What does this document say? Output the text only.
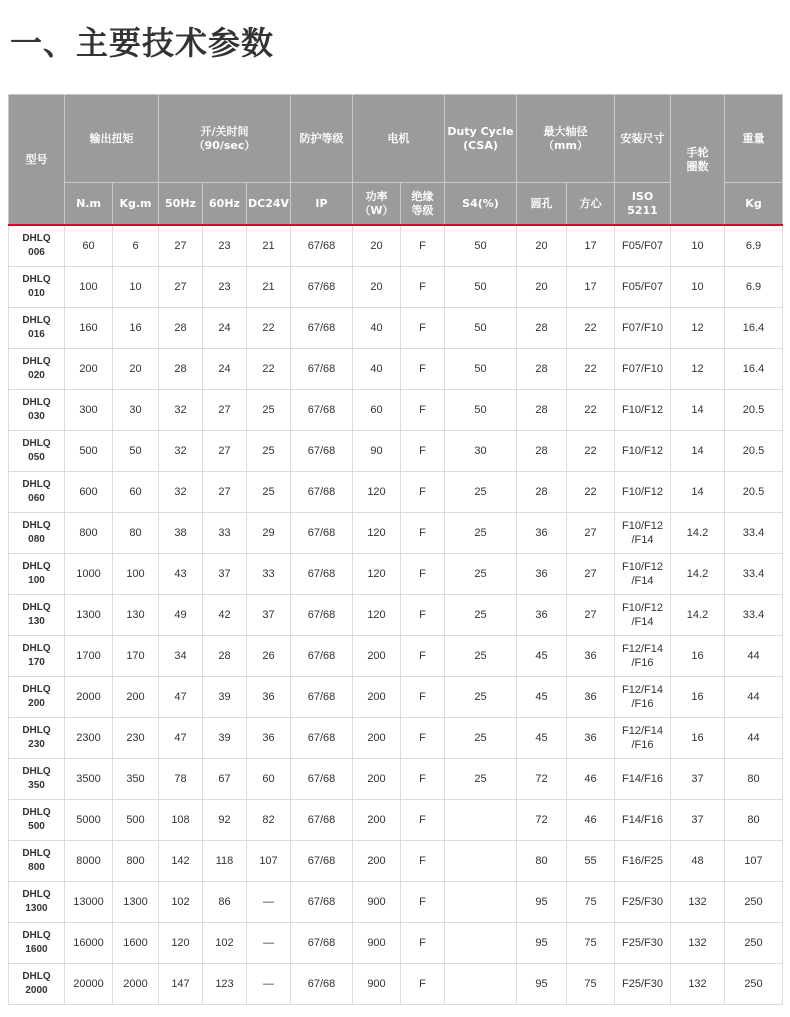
一、主要技术参数
型号	输出扭矩		开/关时间
（90/sec）			防护等级	电机		Duty Cycle
(CSA)	最大轴径
（mm）		安装尺寸	手轮
圈数	重量

	N.m	Kg.m	50Hz	60Hz	DC24V	IP	功率
（W）	绝缘
等级	S4(%)	圆孔	方心	ISO
5211		Kg

DHLQ
006	60	6	27	23	21	67/68	20	F	50	20	17	F05/F07	10	6.9

DHLQ
010	100	10	27	23	21	67/68	20	F	50	20	17	F05/F07	10	6.9

DHLQ
016	160	16	28	24	22	67/68	40	F	50	28	22	F07/F10	12	16.4

DHLQ
020	200	20	28	24	22	67/68	40	F	50	28	22	F07/F10	12	16.4

DHLQ
030	300	30	32	27	25	67/68	60	F	50	28	22	F10/F12	14	20.5

DHLQ
050	500	50	32	27	25	67/68	90	F	30	28	22	F10/F12	14	20.5

DHLQ
060	600	60	32	27	25	67/68	120	F	25	28	22	F10/F12	14	20.5

DHLQ
080	800	80	38	33	29	67/68	120	F	25	36	27	F10/F12
/F14	14.2	33.4

DHLQ
100	1000	100	43	37	33	67/68	120	F	25	36	27	F10/F12
/F14	14.2	33.4

DHLQ
130	1300	130	49	42	37	67/68	120	F	25	36	27	F10/F12
/F14	14.2	33.4

DHLQ
170	1700	170	34	28	26	67/68	200	F	25	45	36	F12/F14
/F16	16	44

DHLQ
200	2000	200	47	39	36	67/68	200	F	25	45	36	F12/F14
/F16	16	44

DHLQ
230	2300	230	47	39	36	67/68	200	F	25	45	36	F12/F14
/F16	16	44

DHLQ
350	3500	350	78	67	60	67/68	200	F	25	72	46	F14/F16	37	80

DHLQ
500	5000	500	108	92	82	67/68	200	F		72	46	F14/F16	37	80

DHLQ
800	8000	800	142	118	107	67/68	200	F		80	55	F16/F25	48	107

DHLQ
1300	13000	1300	102	86	—	67/68	900	F		95	75	F25/F30	132	250

DHLQ
1600	16000	1600	120	102	—	67/68	900	F		95	75	F25/F30	132	250

DHLQ
2000	20000	2000	147	123	—	67/68	900	F		95	75	F25/F30	132	250
